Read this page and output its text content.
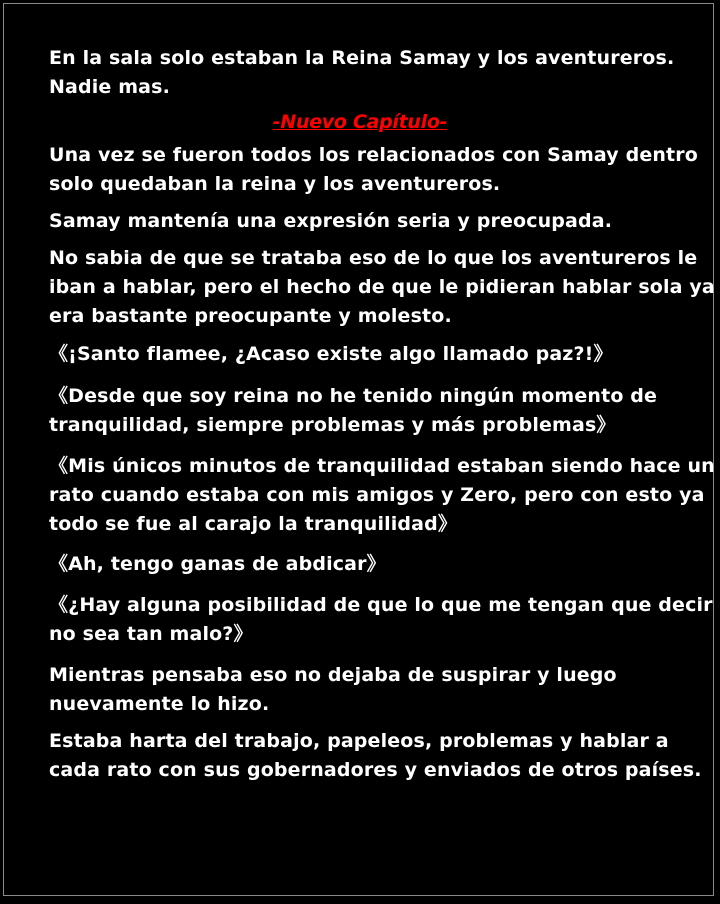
En la sala solo estaban la Reina Samay y los aventureros.
Nadie mas.
-Nuevo Capítulo-
Una vez se fueron todos los relacionados con Samay dentro
solo quedaban la reina y los aventureros.
Samay mantenía una expresión seria y preocupada.
No sabia de que se trataba eso de lo que los aventureros le
iban a hablar, pero el hecho de que le pidieran hablar sola ya
era bastante preocupante y molesto.
《¡Santo flamee, ¿Acaso existe algo llamado paz?!》
《Desde que soy reina no he tenido ningún momento de
tranquilidad, siempre problemas y más problemas》
《Mis únicos minutos de tranquilidad estaban siendo hace un
rato cuando estaba con mis amigos y Zero, pero con esto ya
todo se fue al carajo la tranquilidad》
《Ah, tengo ganas de abdicar》
《¿Hay alguna posibilidad de que lo que me tengan que decir
no sea tan malo?》
Mientras pensaba eso no dejaba de suspirar y luego
nuevamente lo hizo.
Estaba harta del trabajo, papeleos, problemas y hablar a
cada rato con sus gobernadores y enviados de otros países.
